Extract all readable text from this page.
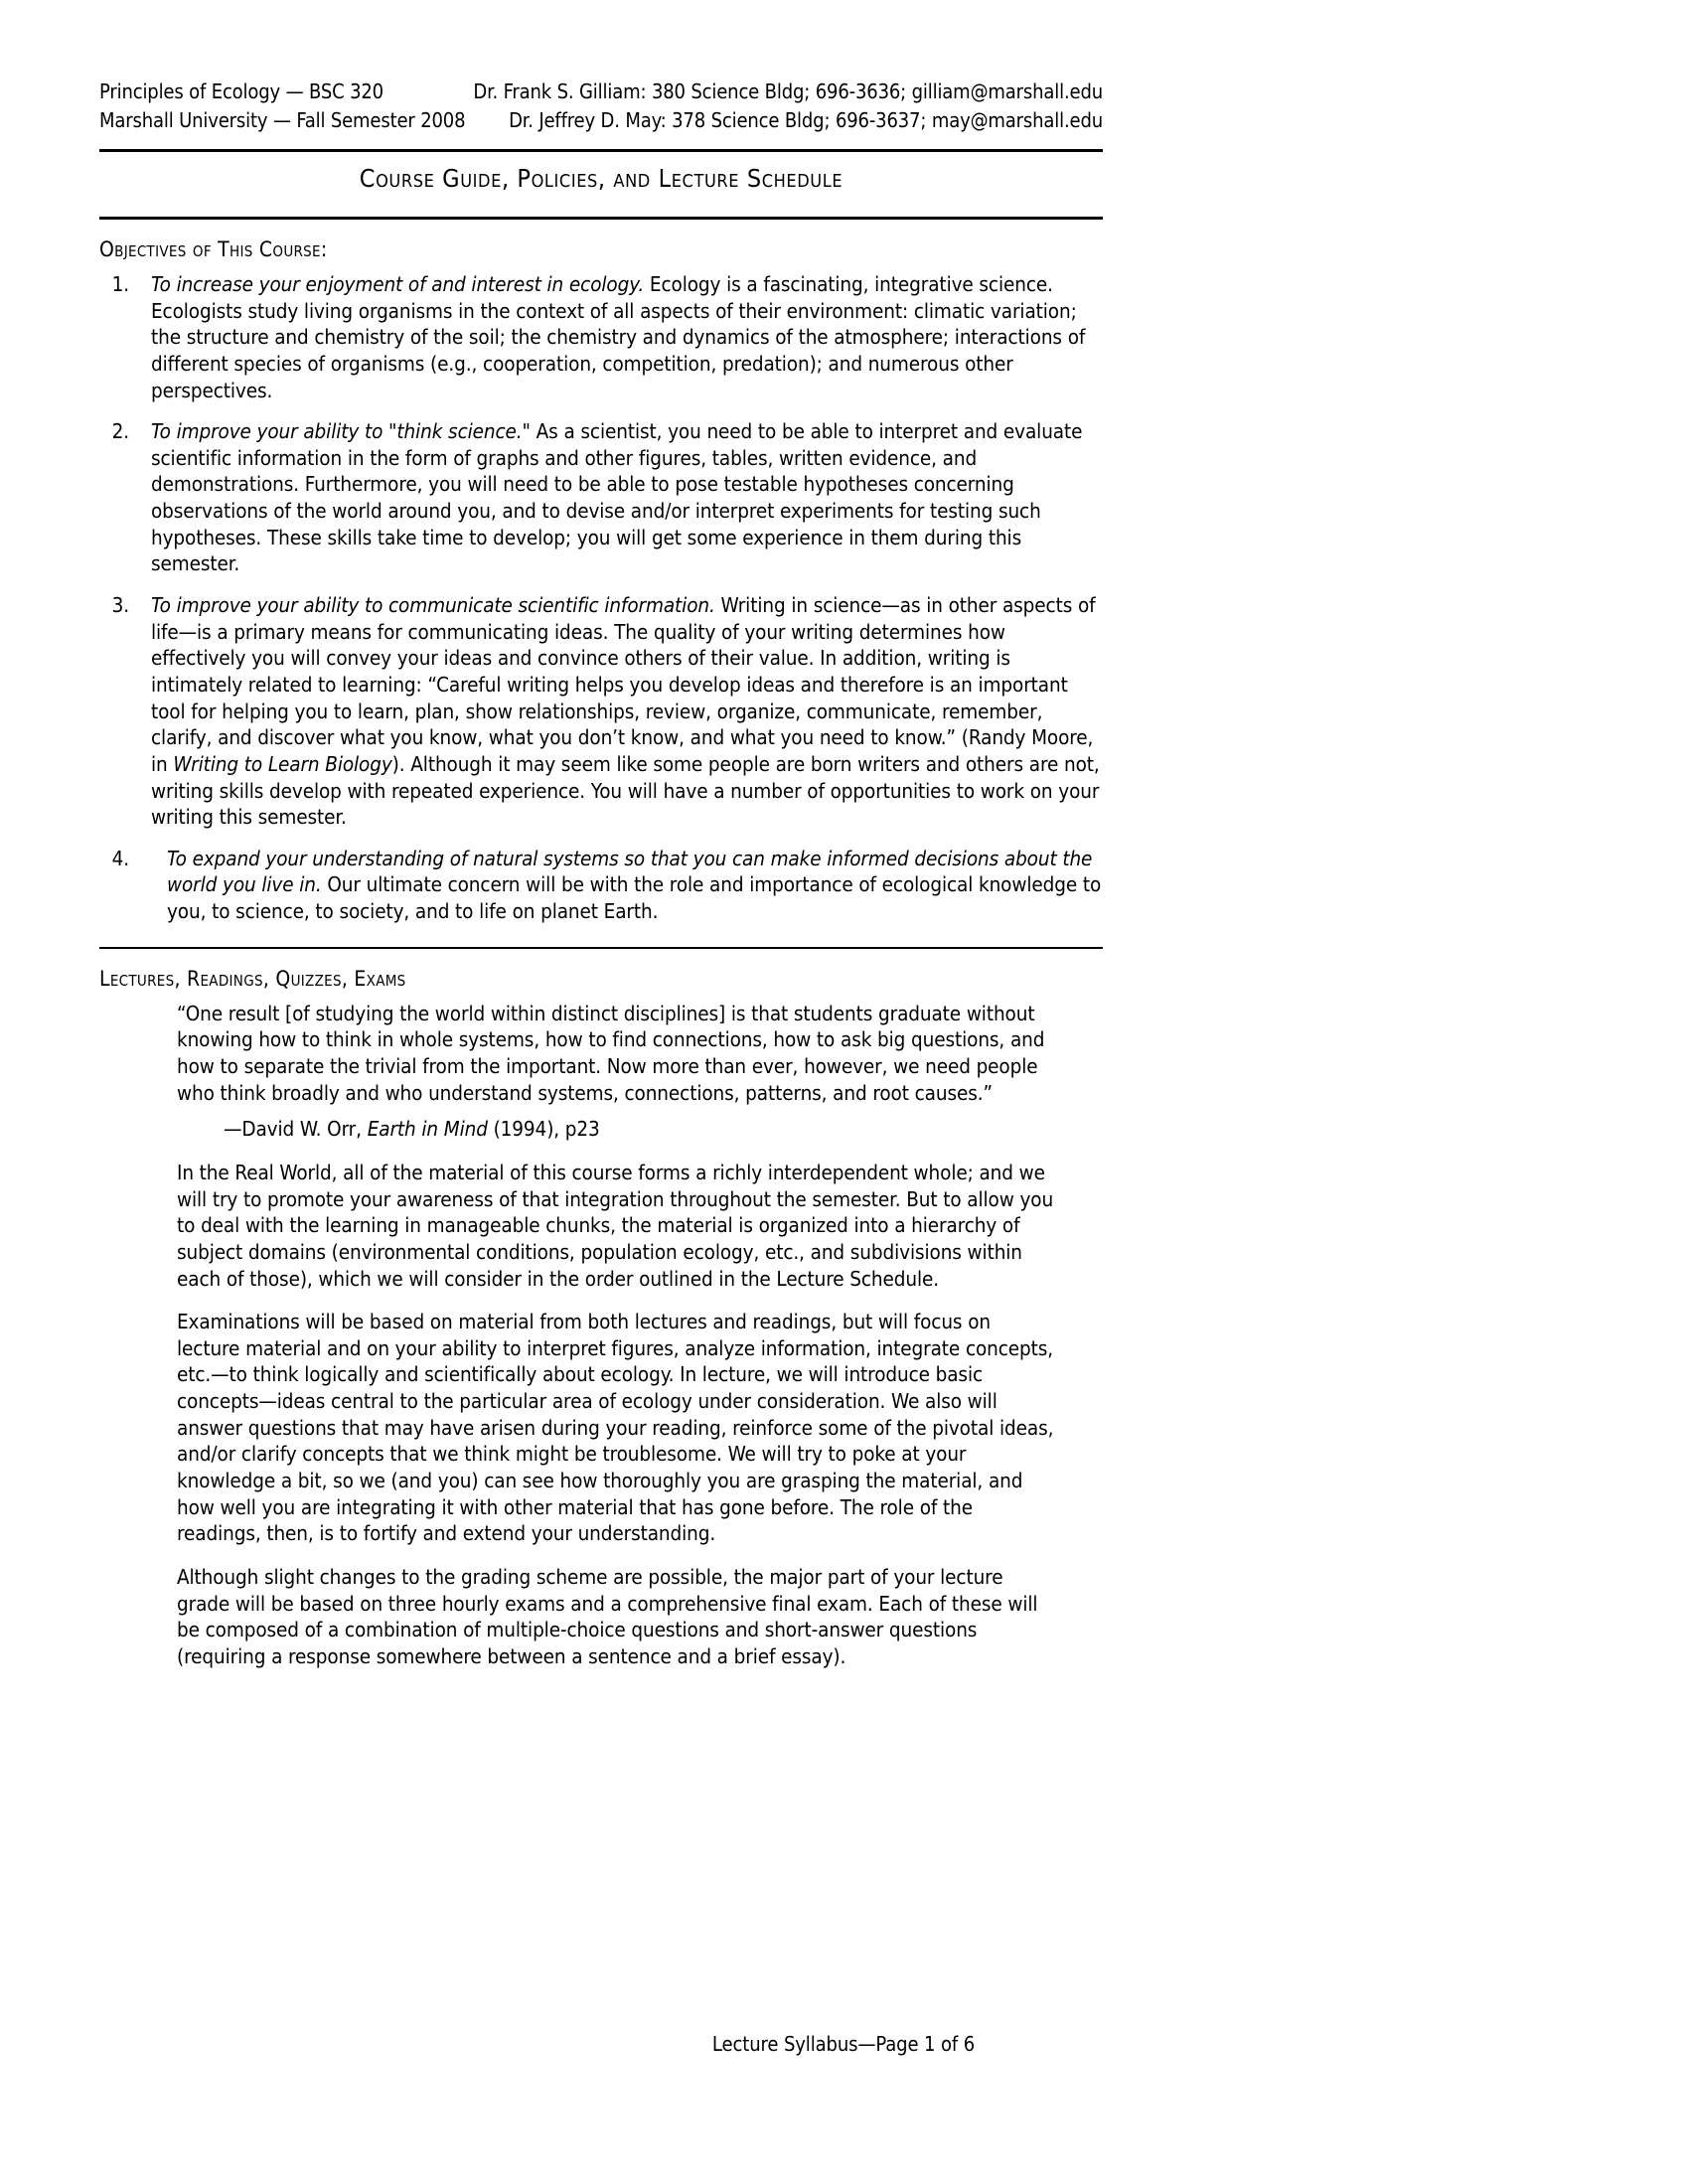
Principles of Ecology — BSC 320
Marshall University — Fall Semester 2008
Dr. Frank S. Gilliam: 380 Science Bldg; 696-3636; gilliam@marshall.edu
Dr. Jeffrey D. May: 378 Science Bldg; 696-3637; may@marshall.edu
Course Guide, Policies, and Lecture Schedule
Objectives of This Course:
1. To increase your enjoyment of and interest in ecology. Ecology is a fascinating, integrative science. Ecologists study living organisms in the context of all aspects of their environment: climatic variation; the structure and chemistry of the soil; the chemistry and dynamics of the atmosphere; interactions of different species of organisms (e.g., cooperation, competition, predation); and numerous other perspectives.
2. To improve your ability to "think science." As a scientist, you need to be able to interpret and evaluate scientific information in the form of graphs and other figures, tables, written evidence, and demonstrations. Furthermore, you will need to be able to pose testable hypotheses concerning observations of the world around you, and to devise and/or interpret experiments for testing such hypotheses. These skills take time to develop; you will get some experience in them during this semester.
3. To improve your ability to communicate scientific information. Writing in science—as in other aspects of life—is a primary means for communicating ideas. The quality of your writing determines how effectively you will convey your ideas and convince others of their value. In addition, writing is intimately related to learning: “Careful writing helps you develop ideas and therefore is an important tool for helping you to learn, plan, show relationships, review, organize, communicate, remember, clarify, and discover what you know, what you don’t know, and what you need to know.” (Randy Moore, in Writing to Learn Biology). Although it may seem like some people are born writers and others are not, writing skills develop with repeated experience. You will have a number of opportunities to work on your writing this semester.
4. To expand your understanding of natural systems so that you can make informed decisions about the world you live in. Our ultimate concern will be with the role and importance of ecological knowledge to you, to science, to society, and to life on planet Earth.
Lectures, Readings, Quizzes, Exams
“One result [of studying the world within distinct disciplines] is that students graduate without knowing how to think in whole systems, how to find connections, how to ask big questions, and how to separate the trivial from the important. Now more than ever, however, we need people who think broadly and who understand systems, connections, patterns, and root causes.”
—David W. Orr, Earth in Mind (1994), p23
In the Real World, all of the material of this course forms a richly interdependent whole; and we will try to promote your awareness of that integration throughout the semester. But to allow you to deal with the learning in manageable chunks, the material is organized into a hierarchy of subject domains (environmental conditions, population ecology, etc., and subdivisions within each of those), which we will consider in the order outlined in the Lecture Schedule.
Examinations will be based on material from both lectures and readings, but will focus on lecture material and on your ability to interpret figures, analyze information, integrate concepts, etc.—to think logically and scientifically about ecology. In lecture, we will introduce basic concepts—ideas central to the particular area of ecology under consideration. We also will answer questions that may have arisen during your reading, reinforce some of the pivotal ideas, and/or clarify concepts that we think might be troublesome. We will try to poke at your knowledge a bit, so we (and you) can see how thoroughly you are grasping the material, and how well you are integrating it with other material that has gone before. The role of the readings, then, is to fortify and extend your understanding.
Although slight changes to the grading scheme are possible, the major part of your lecture grade will be based on three hourly exams and a comprehensive final exam. Each of these will be composed of a combination of multiple-choice questions and short-answer questions (requiring a response somewhere between a sentence and a brief essay).
Lecture Syllabus—Page 1 of 6
